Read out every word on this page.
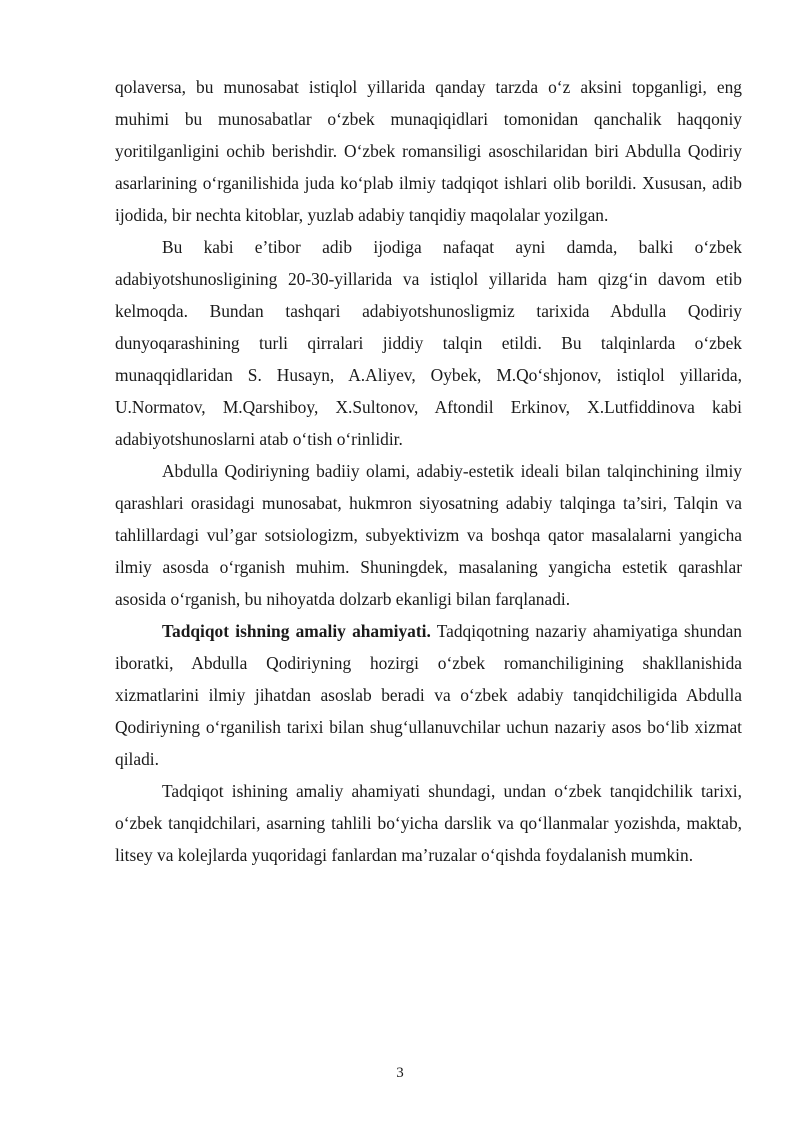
qolaversa, bu munosabat istiqlol yillarida qanday tarzda o‘z aksini topganligi, eng muhimi bu munosabatlar o‘zbek munaqiqidlari tomonidan qanchalik haqqoniy yoritilganligini ochib berishdir. O‘zbek romansiligi asoschilaridan biri Abdulla Qodiriy asarlarining o‘rganilishida juda ko‘plab ilmiy tadqiqot ishlari olib borildi. Xususan, adib ijodida, bir nechta kitoblar, yuzlab adabiy tanqidiy maqolalar yozilgan.

Bu kabi e’tibor adib ijodiga nafaqat ayni damda, balki o‘zbek adabiyotshunosligining 20-30-yillarida va istiqlol yillarida ham qizg‘in davom etib kelmoqda. Bundan tashqari adabiyotshunosligmiz tarixida Abdulla Qodiriy dunyoqarashining turli qirralari jiddiy talqin etildi. Bu talqinlarda o‘zbek munaqqidlaridan S. Husayn, A.Aliyev, Oybek, M.Qo‘shjonov, istiqlol yillarida, U.Normatov, M.Qarshiboy, X.Sultonov, Aftondil Erkinov, X.Lutfiddinova kabi adabiyotshunoslarni atab o‘tish o‘rinlidir.

Abdulla Qodiriyning badiiy olami, adabiy-estetik ideali bilan talqinchining ilmiy qarashlari orasidagi munosabat, hukmron siyosatning adabiy talqinga ta’siri, Talqin va tahlillardagi vul’gar sotsiologizm, subyektivizm va boshqa qator masalalarni yangicha ilmiy asosda o‘rganish muhim. Shuningdek, masalaning yangicha estetik qarashlar asosida o‘rganish, bu nihoyatda dolzarb ekanligi bilan farqlanadi.

Tadqiqot ishning amaliy ahamiyati. Tadqiqotning nazariy ahamiyatiga shundan iboratki, Abdulla Qodiriyning hozirgi o‘zbek romanchiligining shakllanishida xizmatlarini ilmiy jihatdan asoslab beradi va o‘zbek adabiy tanqidchiligida Abdulla Qodiriyning o‘rganilish tarixi bilan shug‘ullanuvchilar uchun nazariy asos bo‘lib xizmat qiladi.

Tadqiqot ishining amaliy ahamiyati shundagi, undan o‘zbek tanqidchilik tarixi, o‘zbek tanqidchilari, asarning tahlili bo‘yicha darslik va qo‘llanmalar yozishda, maktab, litsey va kolejlarda yuqoridagi fanlardan ma’ruzalar o‘qishda foydalanish mumkin.

3
